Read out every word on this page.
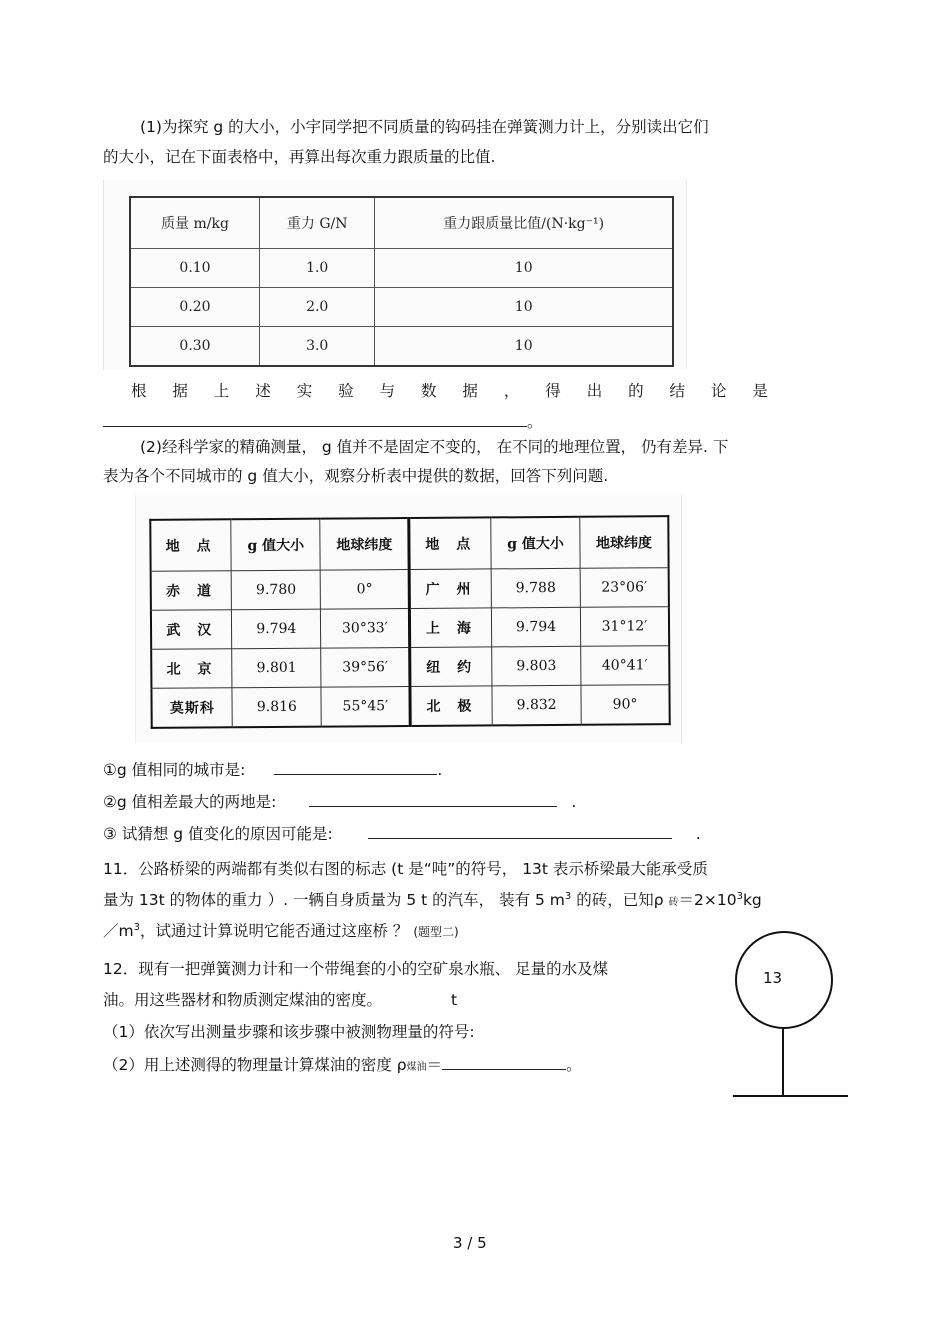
(1)为探究 g 的大小，小宇同学把不同质量的钩码挂在弹簧测力计上，分别读出它们
的大小，记在下面表格中，再算出每次重力跟质量的比值.
质量 m/kg	重力 G/N	重力跟质量比值/(N·kg⁻¹)
0.10	1.0	10
0.20	2.0	10
0.30	3.0	10
根 据 上 述 实 验 与 数 据 ， 得 出 的 结 论 是
。
(2)经科学家的精确测量， g 值并不是固定不变的， 在不同的地理位置， 仍有差异. 下
表为各个不同城市的 g 值大小，观察分析表中提供的数据，回答下列问题.
地 点	g 值大小	地球纬度	地 点	g 值大小	地球纬度
赤 道	9.780	0°	广 州	9.788	23°06′
武 汉	9.794	30°33′	上 海	9.794	31°12′
北 京	9.801	39°56′	纽 约	9.803	40°41′
莫斯科	9.816	55°45′	北 极	9.832	90°
①g 值相同的城市是:	.
②g 值相差最大的两地是:	.
③ 试猜想 g 值变化的原因可能是:	.
11．公路桥梁的两端都有类似右图的标志 (t 是“吨”的符号， 13t 表示桥梁最大能承受质
量为 13t 的物体的重力 ）. 一辆自身质量为 5 t 的汽车， 装有 5 $m^3$ 的砖，已知ρ 砖$=2\times 10^3kg$
$/m^3$，试通过计算说明它能否通过这座桥 ？ (题型二)
12．现有一把弹簧测力计和一个带绳套的小的空矿泉水瓶、 足量的水及煤
油。用这些器材和物质测定煤油的密度。	t
（1）依次写出测量步骤和该步骤中被测物理量的符号:
（2）用上述测得的物理量计算煤油的密度 ρ煤油＝	。
13
3 / 5
